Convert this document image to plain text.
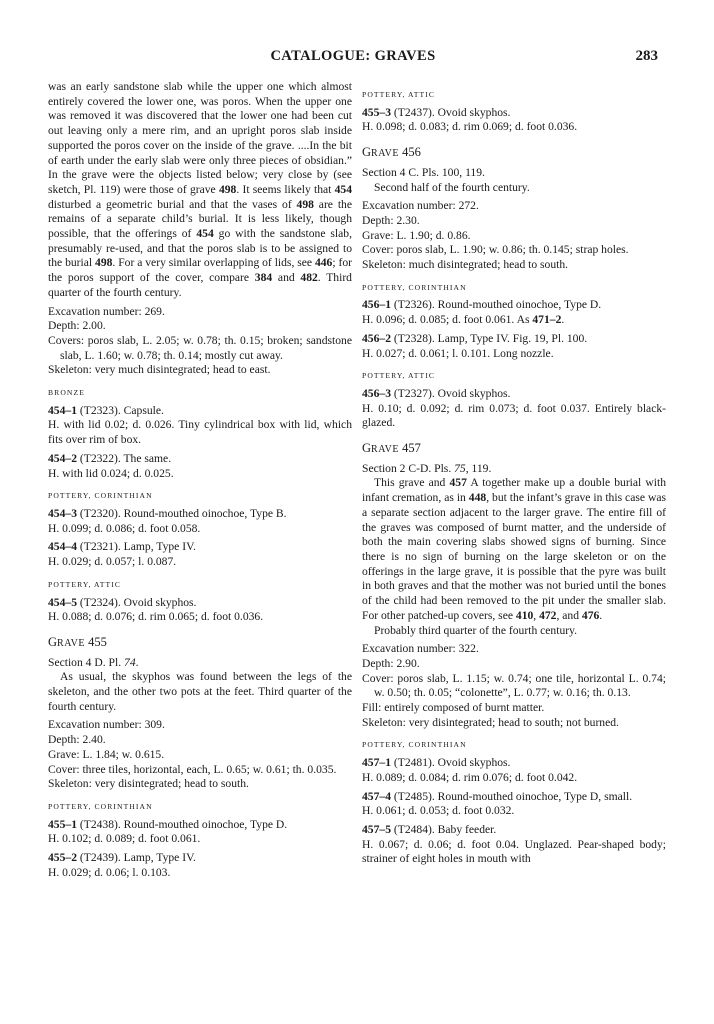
CATALOGUE: GRAVES	283

was an early sandstone slab while the upper one which almost entirely covered the lower one, was poros. When the upper one was removed it was discovered that the lower one had been cut out leaving only a mere rim, and an upright poros slab inside supported the poros cover on the inside of the grave. ....In the bit of earth under the early slab were only three pieces of obsidian.” In the grave were the objects listed below; very close by (see sketch, Pl. 119) were those of grave 498. It seems likely that 454 disturbed a geometric burial and that the vases of 498 are the remains of a separate child’s burial. It is less likely, though possible, that the offerings of 454 go with the sandstone slab, presumably re-used, and that the poros slab is to be assigned to the burial 498. For a very similar overlapping of lids, see 446; for the poros support of the cover, compare 384 and 482. Third quarter of the fourth century.

Excavation number: 269.

Depth: 2.00.

Covers: poros slab, L. 2.05; w. 0.78; th. 0.15; broken; sandstone slab, L. 1.60; w. 0.78; th. 0.14; mostly cut away.

Skeleton: very much disintegrated; head to east.

BRONZE

454–1 (T2323). Capsule.

H. with lid 0.02; d. 0.026. Tiny cylindrical box with lid, which fits over rim of box.

454–2 (T2322). The same.

H. with lid 0.024; d. 0.025.

POTTERY, CORINTHIAN

454–3 (T2320). Round-mouthed oinochoe, Type B.

H. 0.099; d. 0.086; d. foot 0.058.

454–4 (T2321). Lamp, Type IV.

H. 0.029; d. 0.057; l. 0.087.

POTTERY, ATTIC

454–5 (T2324). Ovoid skyphos.

H. 0.088; d. 0.076; d. rim 0.065; d. foot 0.036.

GRAVE 455

Section 4 D. Pl. 74.

As usual, the skyphos was found between the legs of the skeleton, and the other two pots at the feet. Third quarter of the fourth century.

Excavation number: 309.

Depth: 2.40.

Grave: L. 1.84; w. 0.615.

Cover: three tiles, horizontal, each, L. 0.65; w. 0.61; th. 0.035.

Skeleton: very disintegrated; head to south.

POTTERY, CORINTHIAN

455–1 (T2438). Round-mouthed oinochoe, Type D.

H. 0.102; d. 0.089; d. foot 0.061.

455–2 (T2439). Lamp, Type IV.

H. 0.029; d. 0.06; l. 0.103.

POTTERY, ATTIC

455–3 (T2437). Ovoid skyphos.

H. 0.098; d. 0.083; d. rim 0.069; d. foot 0.036.

GRAVE 456

Section 4 C. Pls. 100, 119.

Second half of the fourth century.

Excavation number: 272.

Depth: 2.30.

Grave: L. 1.90; d. 0.86.

Cover: poros slab, L. 1.90; w. 0.86; th. 0.145; strap holes.

Skeleton: much disintegrated; head to south.

POTTERY, CORINTHIAN

456–1 (T2326). Round-mouthed oinochoe, Type D.

H. 0.096; d. 0.085; d. foot 0.061. As 471–2.

456–2 (T2328). Lamp, Type IV. Fig. 19, Pl. 100.

H. 0.027; d. 0.061; l. 0.101. Long nozzle.

POTTERY, ATTIC

456–3 (T2327). Ovoid skyphos.

H. 0.10; d. 0.092; d. rim 0.073; d. foot 0.037. Entirely black-glazed.

GRAVE 457

Section 2 C-D. Pls. 75, 119.

This grave and 457 A together make up a double burial with infant cremation, as in 448, but the infant’s grave in this case was a separate section adjacent to the larger grave. The entire fill of the graves was composed of burnt matter, and the underside of both the main covering slabs showed signs of burning. Since there is no sign of burning on the large skeleton or on the offerings in the large grave, it is possible that the pyre was built in both graves and that the mother was not buried until the bones of the child had been removed to the pit under the smaller slab. For other patched-up covers, see 410, 472, and 476.

Probably third quarter of the fourth century.

Excavation number: 322.

Depth: 2.90.

Cover: poros slab, L. 1.15; w. 0.74; one tile, horizontal L. 0.74; w. 0.50; th. 0.05; “colonette”, L. 0.77; w. 0.16; th. 0.13.

Fill: entirely composed of burnt matter.

Skeleton: very disintegrated; head to south; not burned.

POTTERY, CORINTHIAN

457–1 (T2481). Ovoid skyphos.

H. 0.089; d. 0.084; d. rim 0.076; d. foot 0.042.

457–4 (T2485). Round-mouthed oinochoe, Type D, small.

H. 0.061; d. 0.053; d. foot 0.032.

457–5 (T2484). Baby feeder.

H. 0.067; d. 0.06; d. foot 0.04. Unglazed. Pear-shaped body; strainer of eight holes in mouth with
